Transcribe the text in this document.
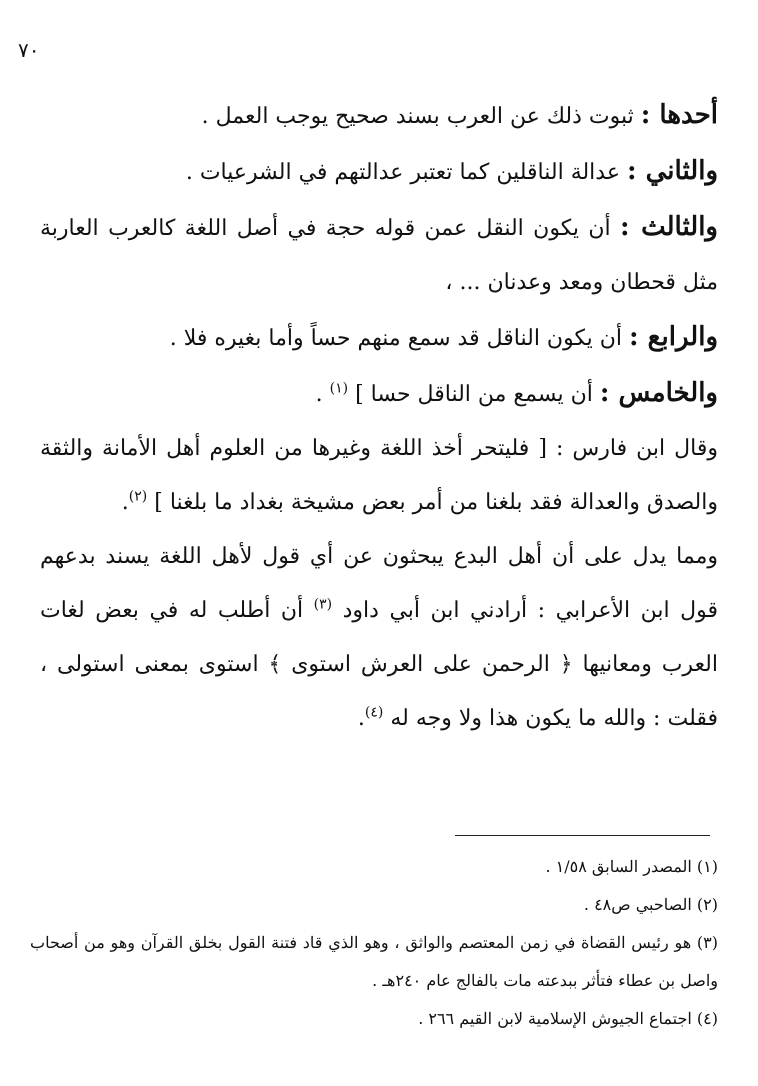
٧٠

أحدها : ثبوت ذلك عن العرب بسند صحيح يوجب العمل .

والثاني : عدالة الناقلين كما تعتبر عدالتهم في الشرعيات .

والثالث : أن يكون النقل عمن قوله حجة في أصل اللغة كالعرب العاربة مثل قحطان ومعد وعدنان ... ،

والرابع : أن يكون الناقل قد سمع منهم حساً وأما بغيره فلا .

والخامس : أن يسمع من الناقل حسا ] $^{(١)}$ .

وقال ابن فارس : [ فليتحر أخذ اللغة وغيرها من العلوم أهل الأمانة والثقة والصدق والعدالة فقد بلغنا من أمر بعض مشيخة بغداد ما بلغنا ] $^{(٢)}$.

ومما يدل على أن أهل البدع يبحثون عن أي قول لأهل اللغة يسند بدعهم قول ابن الأعرابي : أرادني ابن أبي داود $^{(٣)}$ أن أطلب له في بعض لغات العرب ومعانيها ﴿ الرحمن على العرش استوى ﴾ استوى بمعنى استولى ، فقلت : والله ما يكون هذا ولا وجه له $^{(٤)}$.

(١) المصدر السابق ١/٥٨ .

(٢) الصاحبي ص٤٨ .

(٣) هو رئيس القضاة في زمن المعتصم والواثق ، وهو الذي قاد فتنة القول بخلق القرآن وهو من أصحاب واصل بن عطاء فتأثر ببدعته مات بالفالج عام ٢٤٠هـ .

(٤) اجتماع الجيوش الإسلامية لابن القيم ٢٦٦ .
